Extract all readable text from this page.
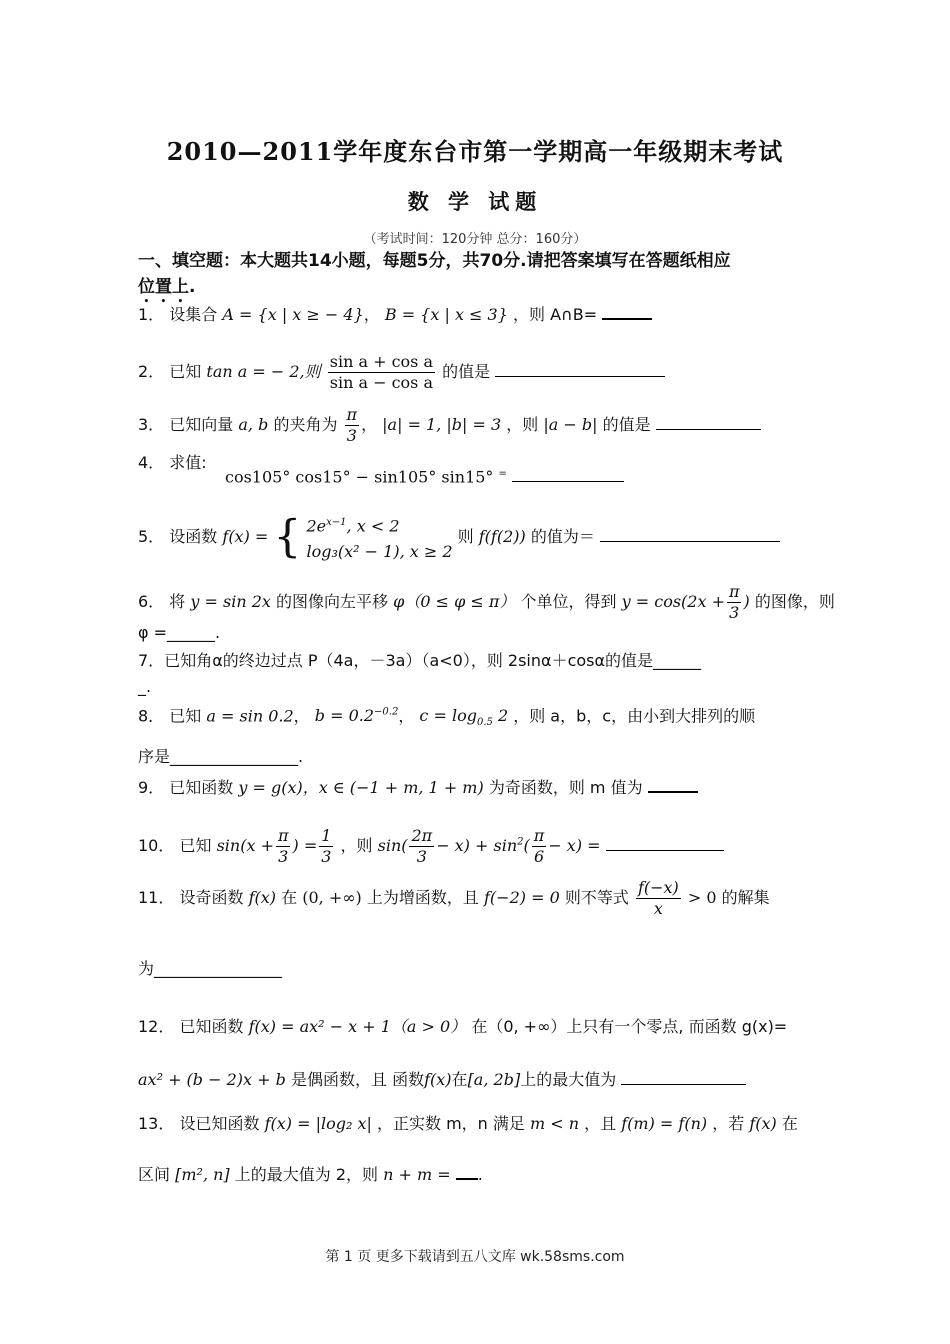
2010—2011学年度东台市第一学期高一年级期末考试
数 学 试题
（考试时间：120分钟 总分：160分）
一、填空题：本大题共14小题，每题5分，共70分.请把答案填写在答题纸相应
位置上.
1． 设集合 A = {x | x ≥ − 4}， B = {x | x ≤ 3} ，则 A∩B=
2． 已知 tan a = − 2,则 $\frac{\text{sin a + cos a}}{\text{sin a − cos a}}$ 的值是
3． 已知向量 a, b 的夹角为 $\frac{\pi}{3}$ ， |a| = 1, |b| = 3 ，则 |a − b| 的值是
4． 求值:
cos105° cos15° − sin105° sin15° =
5． 设函数 f(x) = { $2e^{x-1}$, x < 2
log₃(x² − 1), x ≥ 2
则 f(f(2)) 的值为＝
6． 将 y = sin 2x 的图像向左平移 φ（0 ≤ φ ≤ π） 个单位，得到 $y = \cos(2x + \frac{\pi}{3}$ ) 的图像，则
φ =______.
7．已知角α的终边过点 P（4a，－3a）（a<0），则 2sinα＋cosα的值是______
_.
8． 已知 a = sin 0.2， $b = 0.2^{-0.2}$， $c = \log_{0.5} 2$ ，则 a，b，c，由小到大排列的顺
序是________________.
9． 已知函数 y = g(x)，x ∈ (−1 + m, 1 + m) 为奇函数，则 m 值为
10． 已知 $\sin(x + \frac{\pi}{3}$ ) = $\frac{1}{3}$ ，则 $\sin( \frac{2\pi}{3} - x) + \sin^2( \frac{\pi}{6} - x)$ =
11． 设奇函数 f(x) 在 (0, +∞) 上为增函数，且 f(−2) = 0 则不等式 $\frac{f(-x)}{x} > 0$ 的解集
为________________
12． 已知函数 f(x) = ax² − x + 1（a > 0） 在（0, +∞）上只有一个零点, 而函数 g(x)=
ax² + (b − 2)x + b 是偶函数，且 函数f(x)在[a, 2b]上的最大值为
13． 设已知函数 f(x) = |log₂ x| ，正实数 m，n 满足 m < n ，且 f(m) = f(n) ，若 f(x) 在
区间 [m², n] 上的最大值为 2，则 n + m = .
第 1 页 更多下载请到五八文库 wk.58sms.com
